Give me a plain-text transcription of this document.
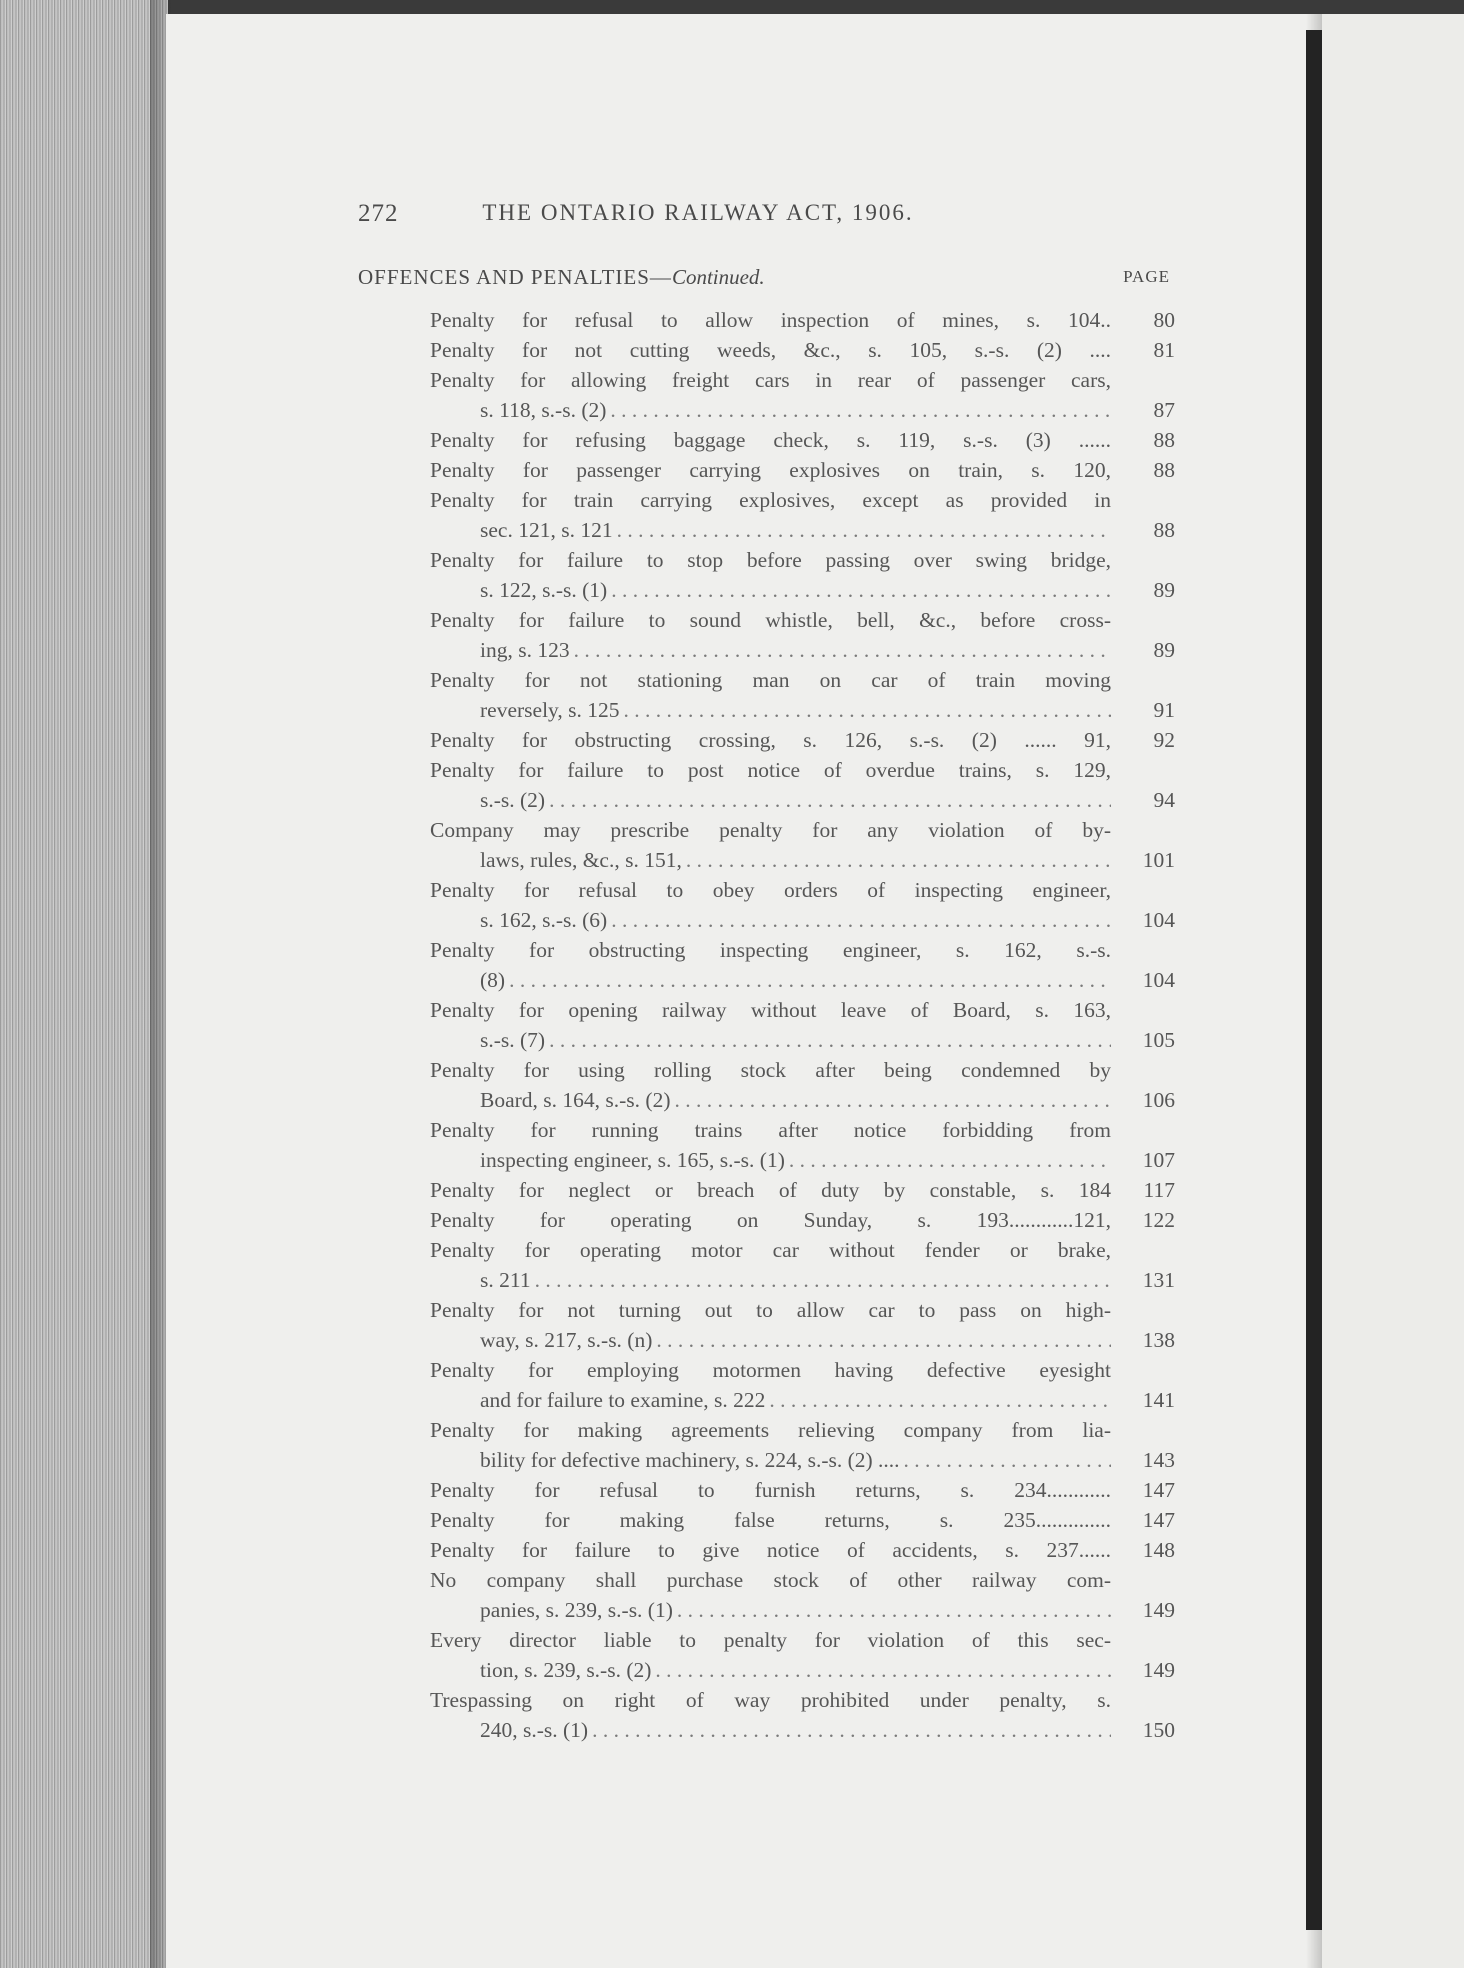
272	THE ONTARIO RAILWAY ACT, 1906.
OFFENCES AND PENALTIES—Continued.	PAGE
Penalty for refusal to allow inspection of mines, s. 104..	80
Penalty for not cutting weeds, &c., s. 105, s.-s. (2) ....	81
Penalty for allowing freight cars in rear of passenger cars,
s. 118, s.-s. (2) . . .	87
Penalty for refusing baggage check, s. 119, s.-s. (3) ......	88
Penalty for passenger carrying explosives on train, s. 120,	88
Penalty for train carrying explosives, except as provided in
sec. 121, s. 121 . . .	88
Penalty for failure to stop before passing over swing bridge,
s. 122, s.-s. (1) . . .	89
Penalty for failure to sound whistle, bell, &c., before cross-
ing, s. 123 . . .	89
Penalty for not stationing man on car of train moving
reversely, s. 125 . . .	91
Penalty for obstructing crossing, s. 126, s.-s. (2) ...... 91,	92
Penalty for failure to post notice of overdue trains, s. 129,
s.-s. (2) . . .	94
Company may prescribe penalty for any violation of by-
laws, rules, &c., s. 151, . . .	101
Penalty for refusal to obey orders of inspecting engineer,
s. 162, s.-s. (6) . . .	104
Penalty for obstructing inspecting engineer, s. 162, s.-s.
(8) . . .	104
Penalty for opening railway without leave of Board, s. 163,
s.-s. (7) . . .	105
Penalty for using rolling stock after being condemned by
Board, s. 164, s.-s. (2) . . .	106
Penalty for running trains after notice forbidding from
inspecting engineer, s. 165, s.-s. (1) . . .	107
Penalty for neglect or breach of duty by constable, s. 184	117
Penalty for operating on Sunday, s. 193............121,	122
Penalty for operating motor car without fender or brake,
s. 211 . . .	131
Penalty for not turning out to allow car to pass on high-
way, s. 217, s.-s. (n) . . .	138
Penalty for employing motormen having defective eyesight
and for failure to examine, s. 222 . . .	141
Penalty for making agreements relieving company from lia-
bility for defective machinery, s. 224, s.-s. (2) .... . . .	143
Penalty for refusal to furnish returns, s. 234............	147
Penalty for making false returns, s. 235..............	147
Penalty for failure to give notice of accidents, s. 237......	148
No company shall purchase stock of other railway com-
panies, s. 239, s.-s. (1) . . .	149
Every director liable to penalty for violation of this sec-
tion, s. 239, s.-s. (2) . . .	149
Trespassing on right of way prohibited under penalty, s.
240, s.-s. (1) . . .	150
